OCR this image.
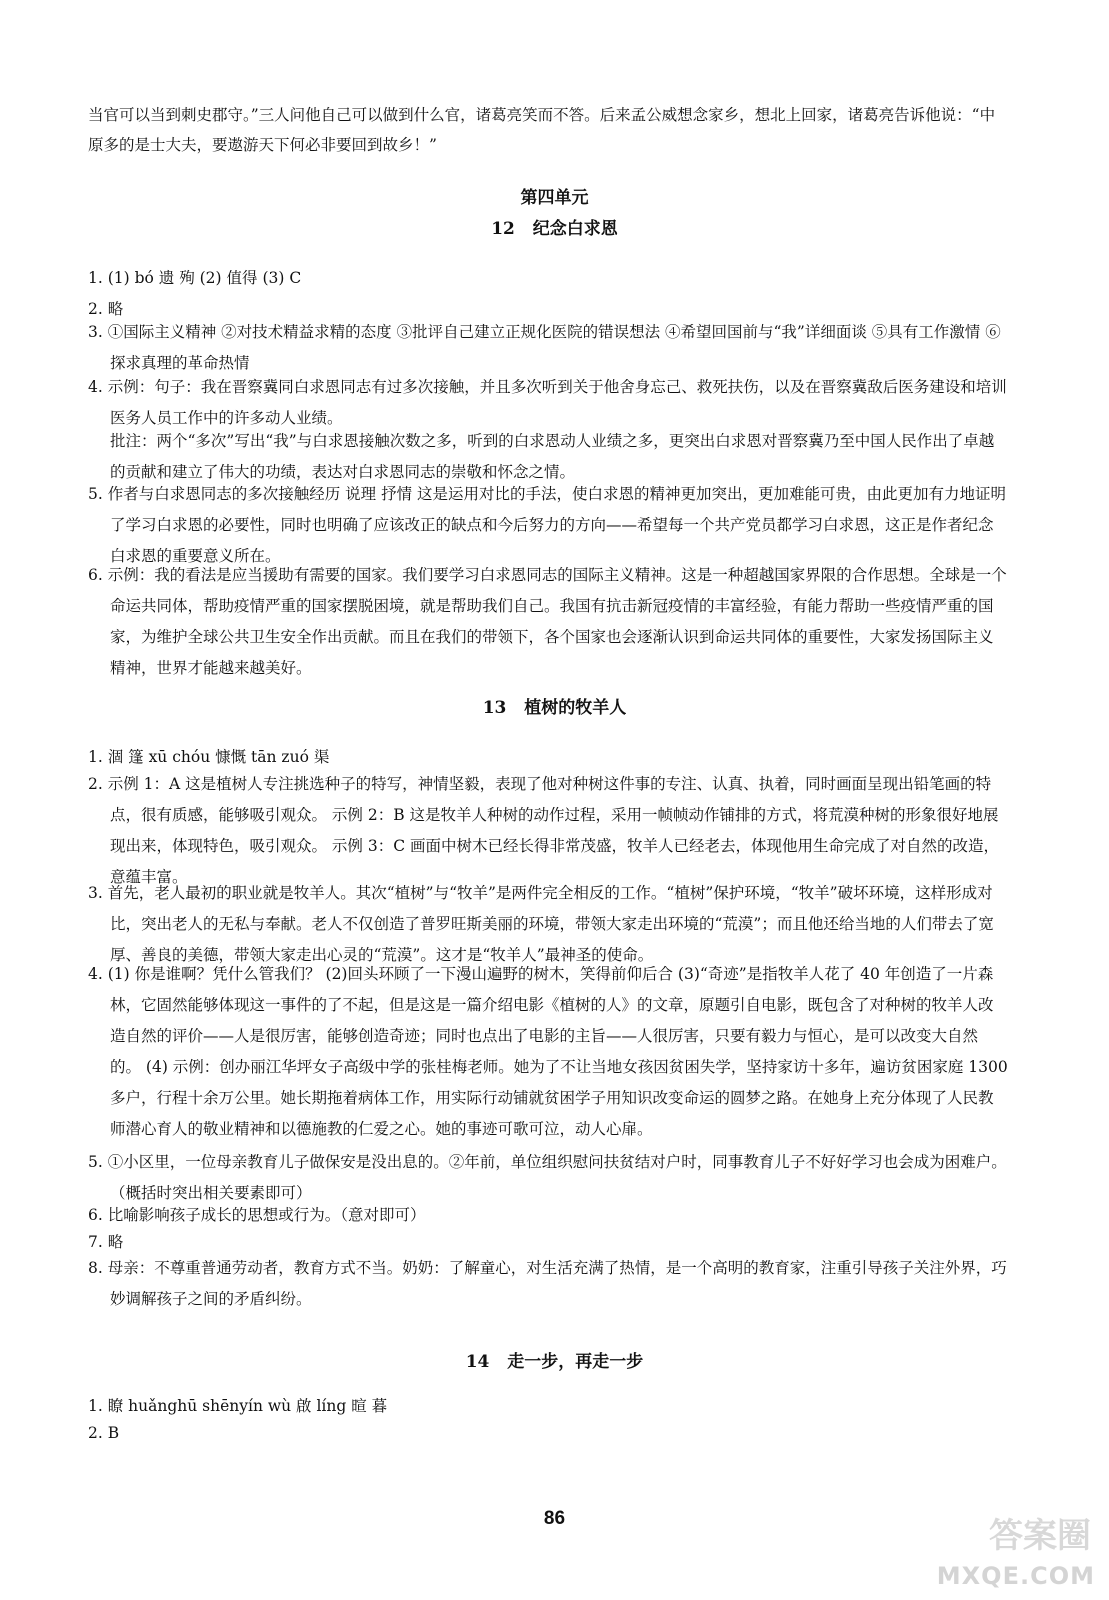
当官可以当到刺史郡守。”三人问他自己可以做到什么官，诸葛亮笑而不答。后来孟公威想念家乡，想北上回家，诸葛亮告诉他说：“中原多的是士大夫，要遨游天下何必非要回到故乡！”
第四单元
12 纪念白求恩
1. (1) bó 遗 殉 (2) 值得 (3) C
2. 略
3. ①国际主义精神 ②对技术精益求精的态度 ③批评自己建立正规化医院的错误想法 ④希望回国前与“我”详细面谈 ⑤具有工作激情 ⑥探求真理的革命热情
4. 示例：句子：我在晋察冀同白求恩同志有过多次接触，并且多次听到关于他舍身忘己、救死扶伤，以及在晋察冀敌后医务建设和培训医务人员工作中的许多动人业绩。
批注：两个“多次”写出“我”与白求恩接触次数之多，听到的白求恩动人业绩之多，更突出白求恩对晋察冀乃至中国人民作出了卓越的贡献和建立了伟大的功绩，表达对白求恩同志的崇敬和怀念之情。
5. 作者与白求恩同志的多次接触经历 说理 抒情 这是运用对比的手法，使白求恩的精神更加突出，更加难能可贵，由此更加有力地证明了学习白求恩的必要性，同时也明确了应该改正的缺点和今后努力的方向——希望每一个共产党员都学习白求恩，这正是作者纪念白求恩的重要意义所在。
6. 示例：我的看法是应当援助有需要的国家。我们要学习白求恩同志的国际主义精神。这是一种超越国家界限的合作思想。全球是一个命运共同体，帮助疫情严重的国家摆脱困境，就是帮助我们自己。我国有抗击新冠疫情的丰富经验，有能力帮助一些疫情严重的国家，为维护全球公共卫生安全作出贡献。而且在我们的带领下，各个国家也会逐渐认识到命运共同体的重要性，大家发扬国际主义精神，世界才能越来越美好。
13 植树的牧羊人
1. 涸 篷 xū chóu 慷慨 tān zuó 渠
2. 示例 1：A 这是植树人专注挑选种子的特写，神情坚毅，表现了他对种树这件事的专注、认真、执着，同时画面呈现出铅笔画的特点，很有质感，能够吸引观众。 示例 2：B 这是牧羊人种树的动作过程，采用一帧帧动作铺排的方式，将荒漠种树的形象很好地展现出来，体现特色，吸引观众。 示例 3：C 画面中树木已经长得非常茂盛，牧羊人已经老去，体现他用生命完成了对自然的改造，意蕴丰富。
3. 首先，老人最初的职业就是牧羊人。其次“植树”与“牧羊”是两件完全相反的工作。“植树”保护环境，“牧羊”破坏环境，这样形成对比，突出老人的无私与奉献。老人不仅创造了普罗旺斯美丽的环境，带领大家走出环境的“荒漠”；而且他还给当地的人们带去了宽厚、善良的美德，带领大家走出心灵的“荒漠”。这才是“牧羊人”最神圣的使命。
4. (1) 你是谁啊？凭什么管我们？ (2)回头环顾了一下漫山遍野的树木，笑得前仰后合 (3)“奇迹”是指牧羊人花了 40 年创造了一片森林，它固然能够体现这一事件的了不起，但是这是一篇介绍电影《植树的人》的文章，原题引自电影，既包含了对种树的牧羊人改造自然的评价——人是很厉害，能够创造奇迹；同时也点出了电影的主旨——人很厉害，只要有毅力与恒心，是可以改变大自然的。 (4) 示例：创办丽江华坪女子高级中学的张桂梅老师。她为了不让当地女孩因贫困失学，坚持家访十多年，遍访贫困家庭 1300 多户，行程十余万公里。她长期拖着病体工作，用实际行动铺就贫困学子用知识改变命运的圆梦之路。在她身上充分体现了人民教师潜心育人的敬业精神和以德施教的仁爱之心。她的事迹可歌可泣，动人心扉。
5. ①小区里，一位母亲教育儿子做保安是没出息的。②年前，单位组织慰问扶贫结对户时，同事教育儿子不好好学习也会成为困难户。（概括时突出相关要素即可）
6. 比喻影响孩子成长的思想或行为。（意对即可）
7. 略
8. 母亲：不尊重普通劳动者，教育方式不当。奶奶：了解童心，对生活充满了热情，是一个高明的教育家，注重引导孩子关注外界，巧妙调解孩子之间的矛盾纠纷。
14 走一步，再走一步
1. 瞭 huǎnghū shēnyín wù 啟 líng 暄 暮
2. B
86	答案圈
MXQE.COM
